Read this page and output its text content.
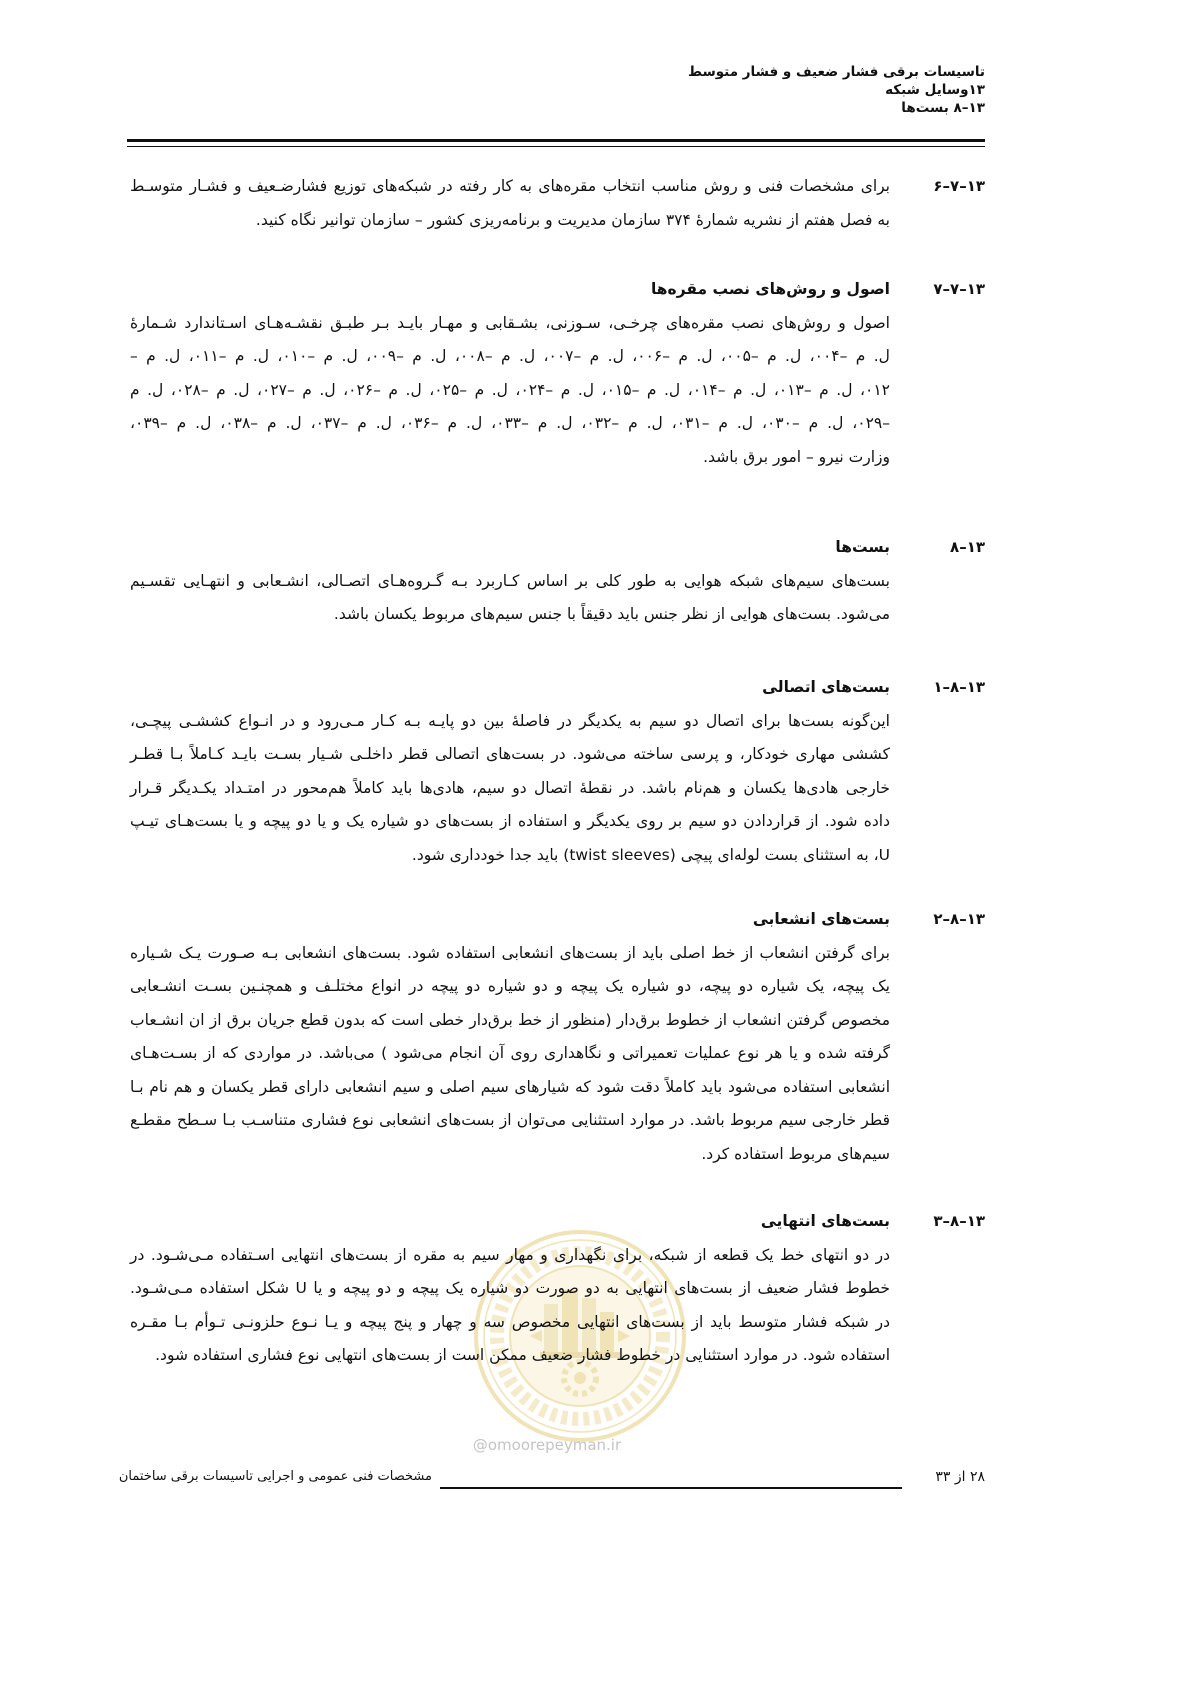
تاسیسات برقی فشار ضعیف و فشار متوسط
۱۳وسایل شبکه
۱۳–۸ بست‌ها
@omoorepeyman.ir
۱۳–۷–۶
برای مشخصات فنی و روش مناسب انتخاب مقره‌های به کار رفته در شبکه‌های توزیع فشارضـعیف و فشـار متوسـط
به فصل هفتم از نشریه شمارهٔ ۳۷۴ سازمان مدیریت و برنامه‌ریزی کشور – سازمان توانیر نگاه کنید.
۱۳–۷–۷
اصول و روش‌های نصب مقره‌ها
اصول و روش‌های نصب مقره‌های چرخـی، سـوزنی، بشـقابی و مهـار بایـد بـر طبـق نقشـه‌هـای اسـتاندارد شـمارهٔ
ل. م –۰۰۴، ل. م –۰۰۵، ل. م –۰۰۶، ل. م –۰۰۷، ل. م –۰۰۸، ل. م –۰۰۹، ل. م –۰۱۰، ل. م –۰۱۱، ل. م –
۰۱۲، ل. م –۰۱۳، ل. م –۰۱۴، ل. م –۰۱۵، ل. م –۰۲۴، ل. م –۰۲۵، ل. م –۰۲۶، ل. م –۰۲۷، ل. م –۰۲۸، ل. م
–۰۲۹، ل. م –۰۳۰، ل. م –۰۳۱، ل. م –۰۳۲، ل. م –۰۳۳، ل. م –۰۳۶، ل. م –۰۳۷، ل. م –۰۳۸، ل. م –۰۳۹،
وزارت نیرو – امور برق باشد.
۱۳–۸
بست‌ها
بست‌های سیم‌های شبکه هوایی به طور کلی بر اساس کـاربرد بـه گـروه‌هـای اتصـالی، انشـعابی و انتهـایی تقسـیم
می‌شود. بست‌های هوایی از نظر جنس باید دقیقاً با جنس سیم‌های مربوط یکسان باشد.
۱۳–۸–۱
بست‌های اتصالی
این‌گونه بست‌ها برای اتصال دو سیم به یکدیگر در فاصلهٔ بین دو پایـه بـه کـار مـی‌رود و در انـواع کششـی پیچـی،
کششی مهاری خودکار، و پرسی ساخته می‌شود. در بست‌های اتصالی قطر داخلـی شـیار بسـت بایـد کـاملاً بـا قطـر
خارجی هادی‌ها یکسان و هم‌نام باشد. در نقطهٔ اتصال دو سیم، هادی‌ها باید کاملاً هم‌محور در امتـداد یکـدیگر قـرار
داده شود. از قراردادن دو سیم بر روی یکدیگر و استفاده از بست‌های دو شیاره یک و یا دو پیچه و یا بست‌هـای تیـپ
U، به استثنای بست لوله‌ای پیچی (twist sleeves) باید جدا خودداری شود.
۱۳–۸–۲
بست‌های انشعابی
برای گرفتن انشعاب از خط اصلی باید از بست‌های انشعابی استفاده شود. بست‌های انشعابی بـه صـورت یـک شـیاره
یک پیچه، یک شیاره دو پیچه، دو شیاره یک پیچه و دو شیاره دو پیچه در انواع مختلـف و همچنـین بسـت انشـعابی
مخصوص گرفتن انشعاب از خطوط برق‌دار (منظور از خط برق‌دار خطی است که بدون قطع جریان برق از ان انشـعاب
گرفته شده و یا هر نوع عملیات تعمیراتی و نگاهداری روی آن انجام می‌شود ) می‌باشد. در مواردی که از بسـت‌هـای
انشعابی استفاده می‌شود باید کاملاً دقت شود که شیارهای سیم اصلی و سیم انشعابی دارای قطر یکسان و هم نام بـا
قطر خارجی سیم مربوط باشد. در موارد استثنایی می‌توان از بست‌های انشعابی نوع فشاری متناسـب بـا سـطح مقطـع
سیم‌های مربوط استفاده کرد.
۱۳–۸–۳
بست‌های انتهایی
در دو انتهای خط یک قطعه از شبکه، برای نگهداری و مهار سیم به مقره از بست‌های انتهایی اسـتفاده مـی‌شـود. در
خطوط فشار ضعیف از بست‌های انتهایی به دو صورت دو شیاره یک پیچه و دو پیچه و یا U شکل استفاده مـی‌شـود.
در شبکه فشار متوسط باید از بست‌های انتهایی مخصوص سه و چهار و پنج پیچه و یـا نـوع حلزونـی تـوأم بـا مقـره
استفاده شود. در موارد استثنایی در خطوط فشار ضعیف ممکن است از بست‌های انتهایی نوع فشاری استفاده شود.
۲۸ از ۳۳
مشخصات فنی عمومی و اجرایی تاسیسات برقی ساختمان
